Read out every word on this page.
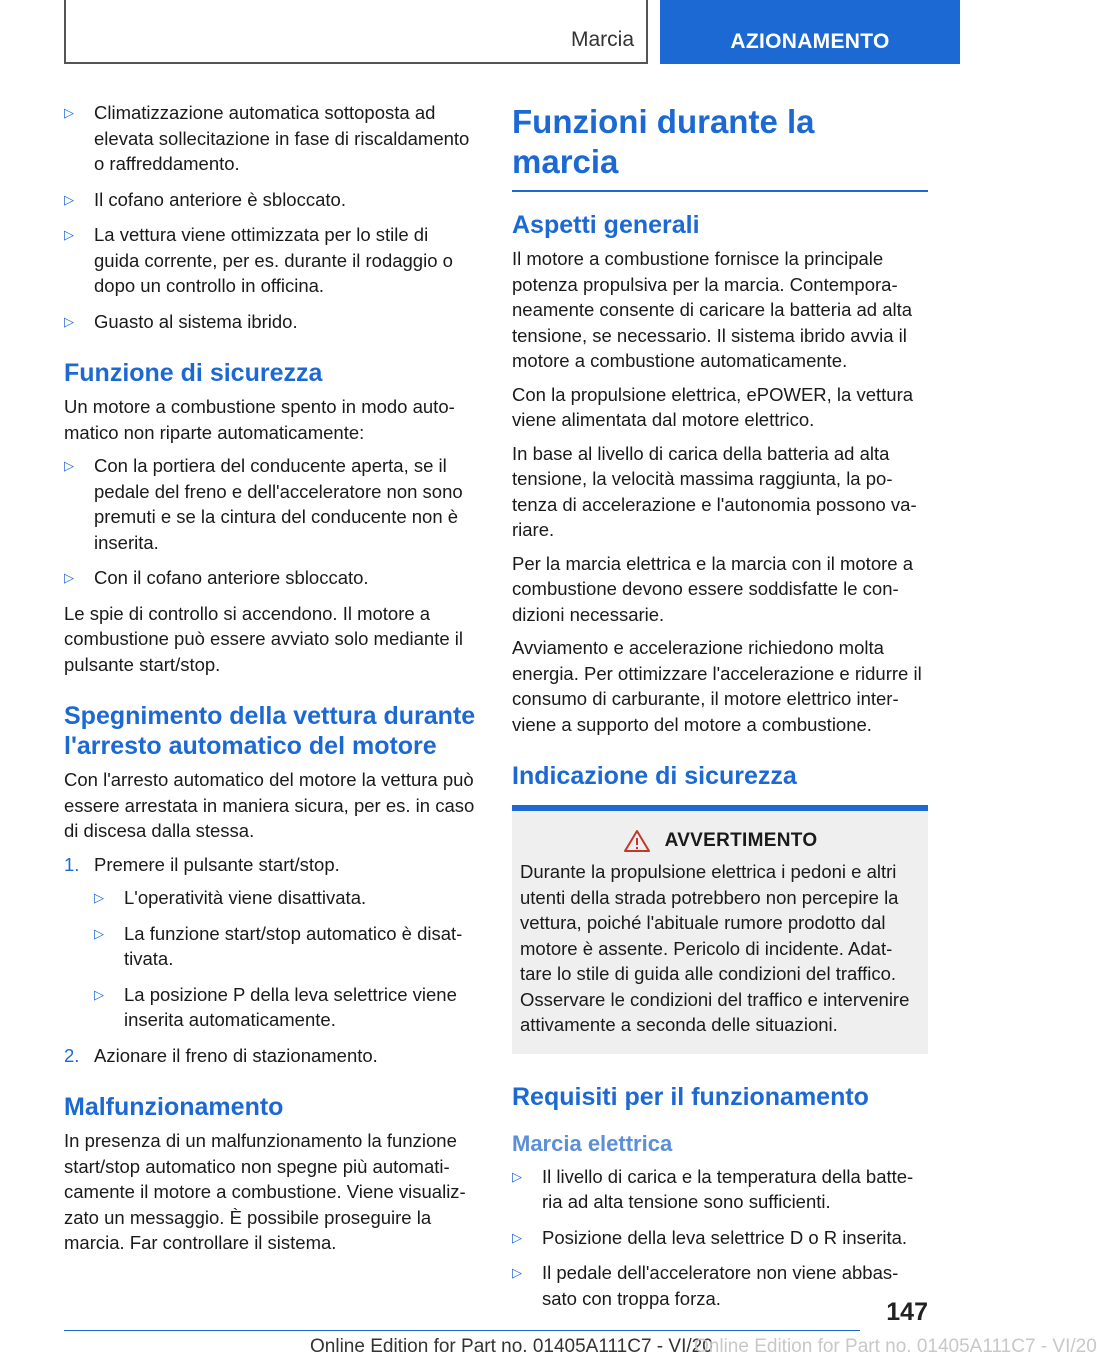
Marcia	AZIONAMENTO
▷	Climatizzazione automatica sottoposta ad elevata sollecitazione in fase di riscaldamento o raffreddamento.
▷	Il cofano anteriore è sbloccato.
▷	La vettura viene ottimizzata per lo stile di guida corrente, per es. durante il rodaggio o dopo un controllo in officina.
▷	Guasto al sistema ibrido.
Funzione di sicurezza

Un motore a combustione spento in modo auto-matico non riparte automaticamente:

▷	Con la portiera del conducente aperta, se il pedale del freno e dell'acceleratore non sono premuti e se la cintura del conducente non è inserita.
▷	Con il cofano anteriore sbloccato.

Le spie di controllo si accendono. Il motore a combustione può essere avviato solo mediante il pulsante start/stop.

Spegnimento della vettura durante l'arresto automatico del motore

Con l'arresto automatico del motore la vettura può essere arrestata in maniera sicura, per es. in caso di discesa dalla stessa.

1. Premere il pulsante start/stop.
▷	L'operatività viene disattivata.
▷	La funzione start/stop automatico è disat-tivata.
▷	La posizione P della leva selettrice viene inserita automaticamente.
2. Azionare il freno di stazionamento.
Malfunzionamento

In presenza di un malfunzionamento la funzione start/stop automatico non spegne più automati-camente il motore a combustione. Viene visualiz-zato un messaggio. È possibile proseguire la marcia. Far controllare il sistema.

Funzioni durante la marcia
Aspetti generali

Il motore a combustione fornisce la principale potenza propulsiva per la marcia. Contempora-neamente consente di caricare la batteria ad alta tensione, se necessario. Il sistema ibrido avvia il motore a combustione automaticamente.

Con la propulsione elettrica, ePOWER, la vettura viene alimentata dal motore elettrico.

In base al livello di carica della batteria ad alta tensione, la velocità massima raggiunta, la po-tenza di accelerazione e l'autonomia possono va-riare.

Per la marcia elettrica e la marcia con il motore a combustione devono essere soddisfatte le con-dizioni necessarie.

Avviamento e accelerazione richiedono molta energia. Per ottimizzare l'accelerazione e ridurre il consumo di carburante, il motore elettrico inter-viene a supporto del motore a combustione.

Indicazione di sicurezza
AVVERTIMENTO

Durante la propulsione elettrica i pedoni e altri utenti della strada potrebbero non percepire la vettura, poiché l'abituale rumore prodotto dal motore è assente. Pericolo di incidente. Adat-tare lo stile di guida alle condizioni del traffico. Osservare le condizioni del traffico e intervenire attivamente a seconda delle situazioni.

Requisiti per il funzionamento
Marcia elettrica
▷	Il livello di carica e la temperatura della batte-ria ad alta tensione sono sufficienti.
▷	Posizione della leva selettrice D o R inserita.
▷	Il pedale dell'acceleratore non viene abbas-sato con troppa forza.	147
Online Edition for Part no. 01405A111C7 - VI/20
Online Edition for Part no. 01405A111C7 - VI/20
